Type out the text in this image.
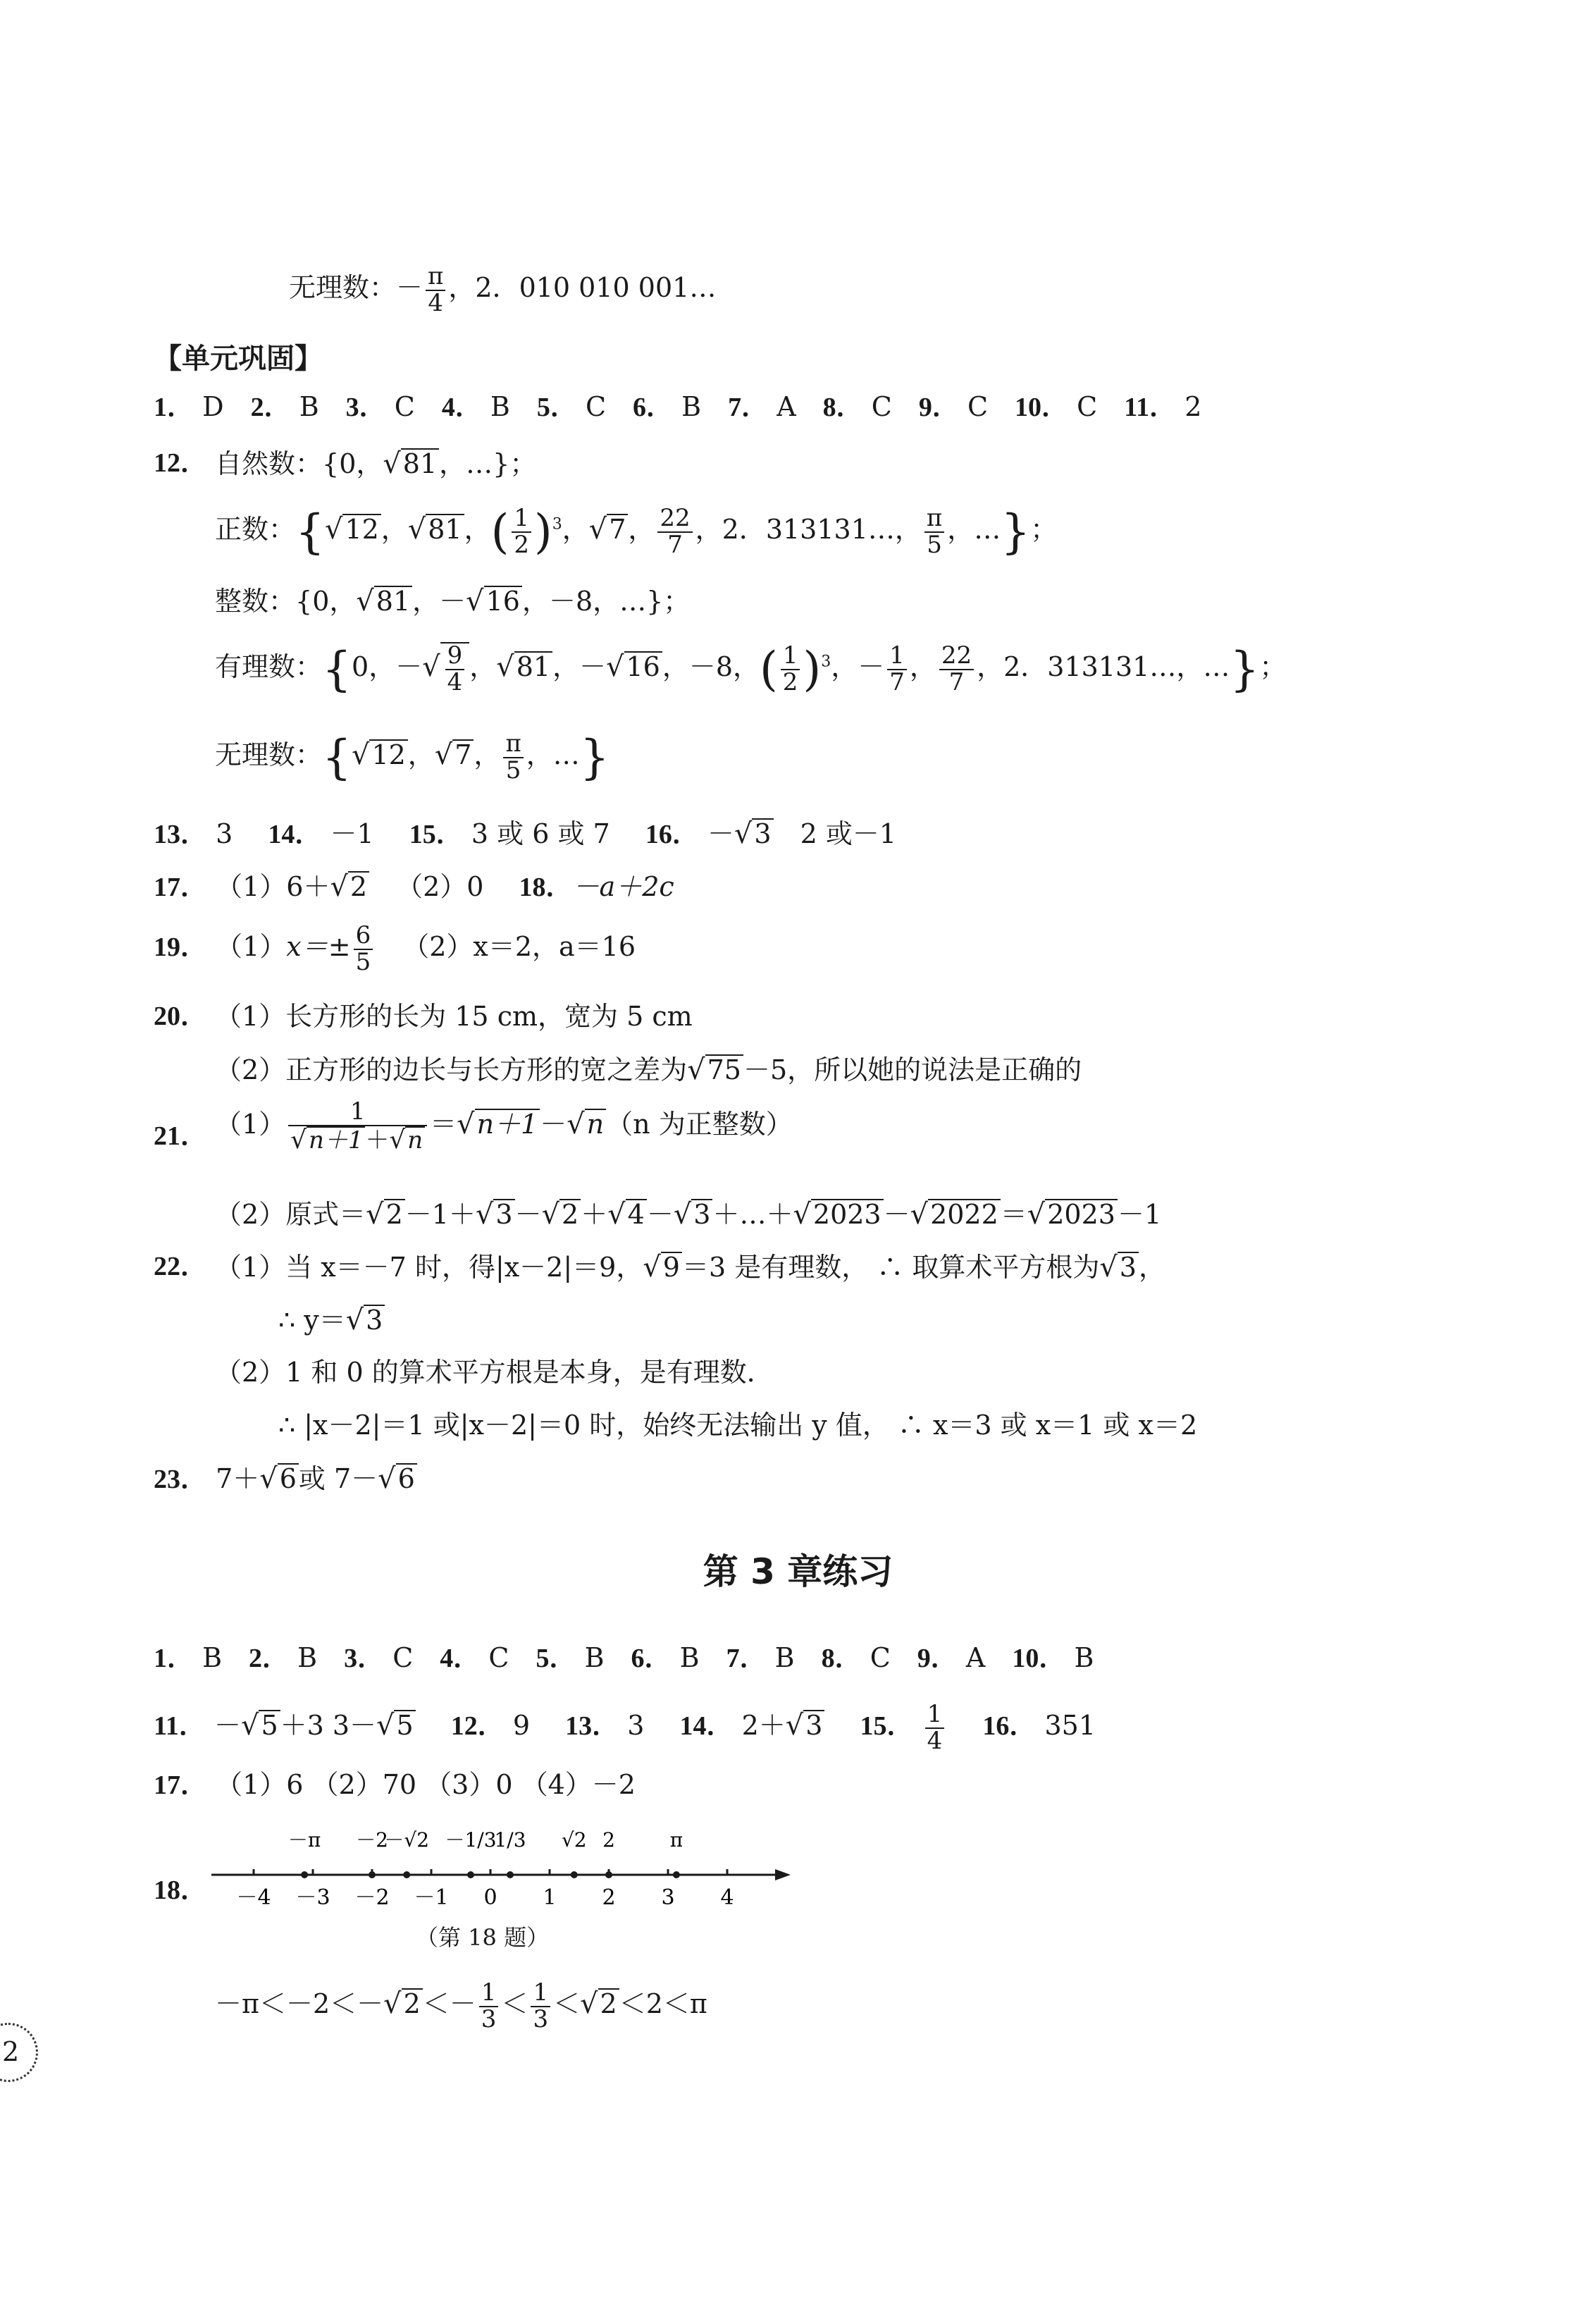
无理数：－ $\frac{\pi}{4}$ ，2．010 010 001…
【单元巩固】
1． D 2． B 3． C 4． B 5． C 6． B 7． A 8． C 9． C 10． C 11． 2
12． 自然数：{0，√81，…}；
正数：{√12，√81，( $\frac{1}{2} )^3$，√7， $\frac{22}{7}$ ，2．313131…， $\frac{\pi}{5}$ ，…}；
整数：{0，√81，－√16，－8，…}；
有理数：{0，－√ $\frac{9}{4}$ ，√81，－√16，－8，( $\frac{1}{2} )^3$，－ $\frac{1}{7}$ ， $\frac{22}{7}$ ，2．313131…，…}；
无理数：{√12，√7， $\frac{\pi}{5}$ ，…}
13． 3 14． －1 15． 3 或 6 或 7 16． －√3 2 或－1
17． （1）6＋√2 （2）0 18．－a＋2c
19． $(1)x=\pm \frac{6}{5} (2)x=2$，a＝16
20． （1）长方形的长为 15 cm，宽为 5 cm
（2）正方形的边长与长方形的宽之差为√75－5，所以她的说法是正确的
21． $(1) \frac{1}{√n+1+√n} =√n+1-√n(n$ 为正整数）
（2）原式＝√2－1＋√3－√2＋√4－√3＋…＋√2023－√2022＝√2023－1
22． （1）当 x＝－7 时，得|x－2|＝9，√9＝3 是有理数， ∴ 取算术平方根为√3，
∴ y＝√3
（2）1 和 0 的算术平方根是本身，是有理数．
∴ |x－2|＝1 或|x－2|＝0 时，始终无法输出 y 值， ∴ x＝3 或 x＝1 或 x＝2
23． 7＋√6或 7－√6
第 3 章练习
1． B 2． B 3． C 4． C 5． B 6． B 7． B 8． C 9． A 10． B
11． －√5＋3 3－√5 12． 9 13． 3 14． 2＋√3 15． $\frac{1}{4} 16$． 351
17． （1）6 （2）70 （3）0 （4）－2
18． －4 －3 －2 －1 0 1 2 3 4
－π －2
－√2 －1/3
1/3 √2 2	π
（第 18 题）
$-\pi<-2<-√2<- \frac{1}{3} < \frac{1}{3} <√2<2<\pi$
2
